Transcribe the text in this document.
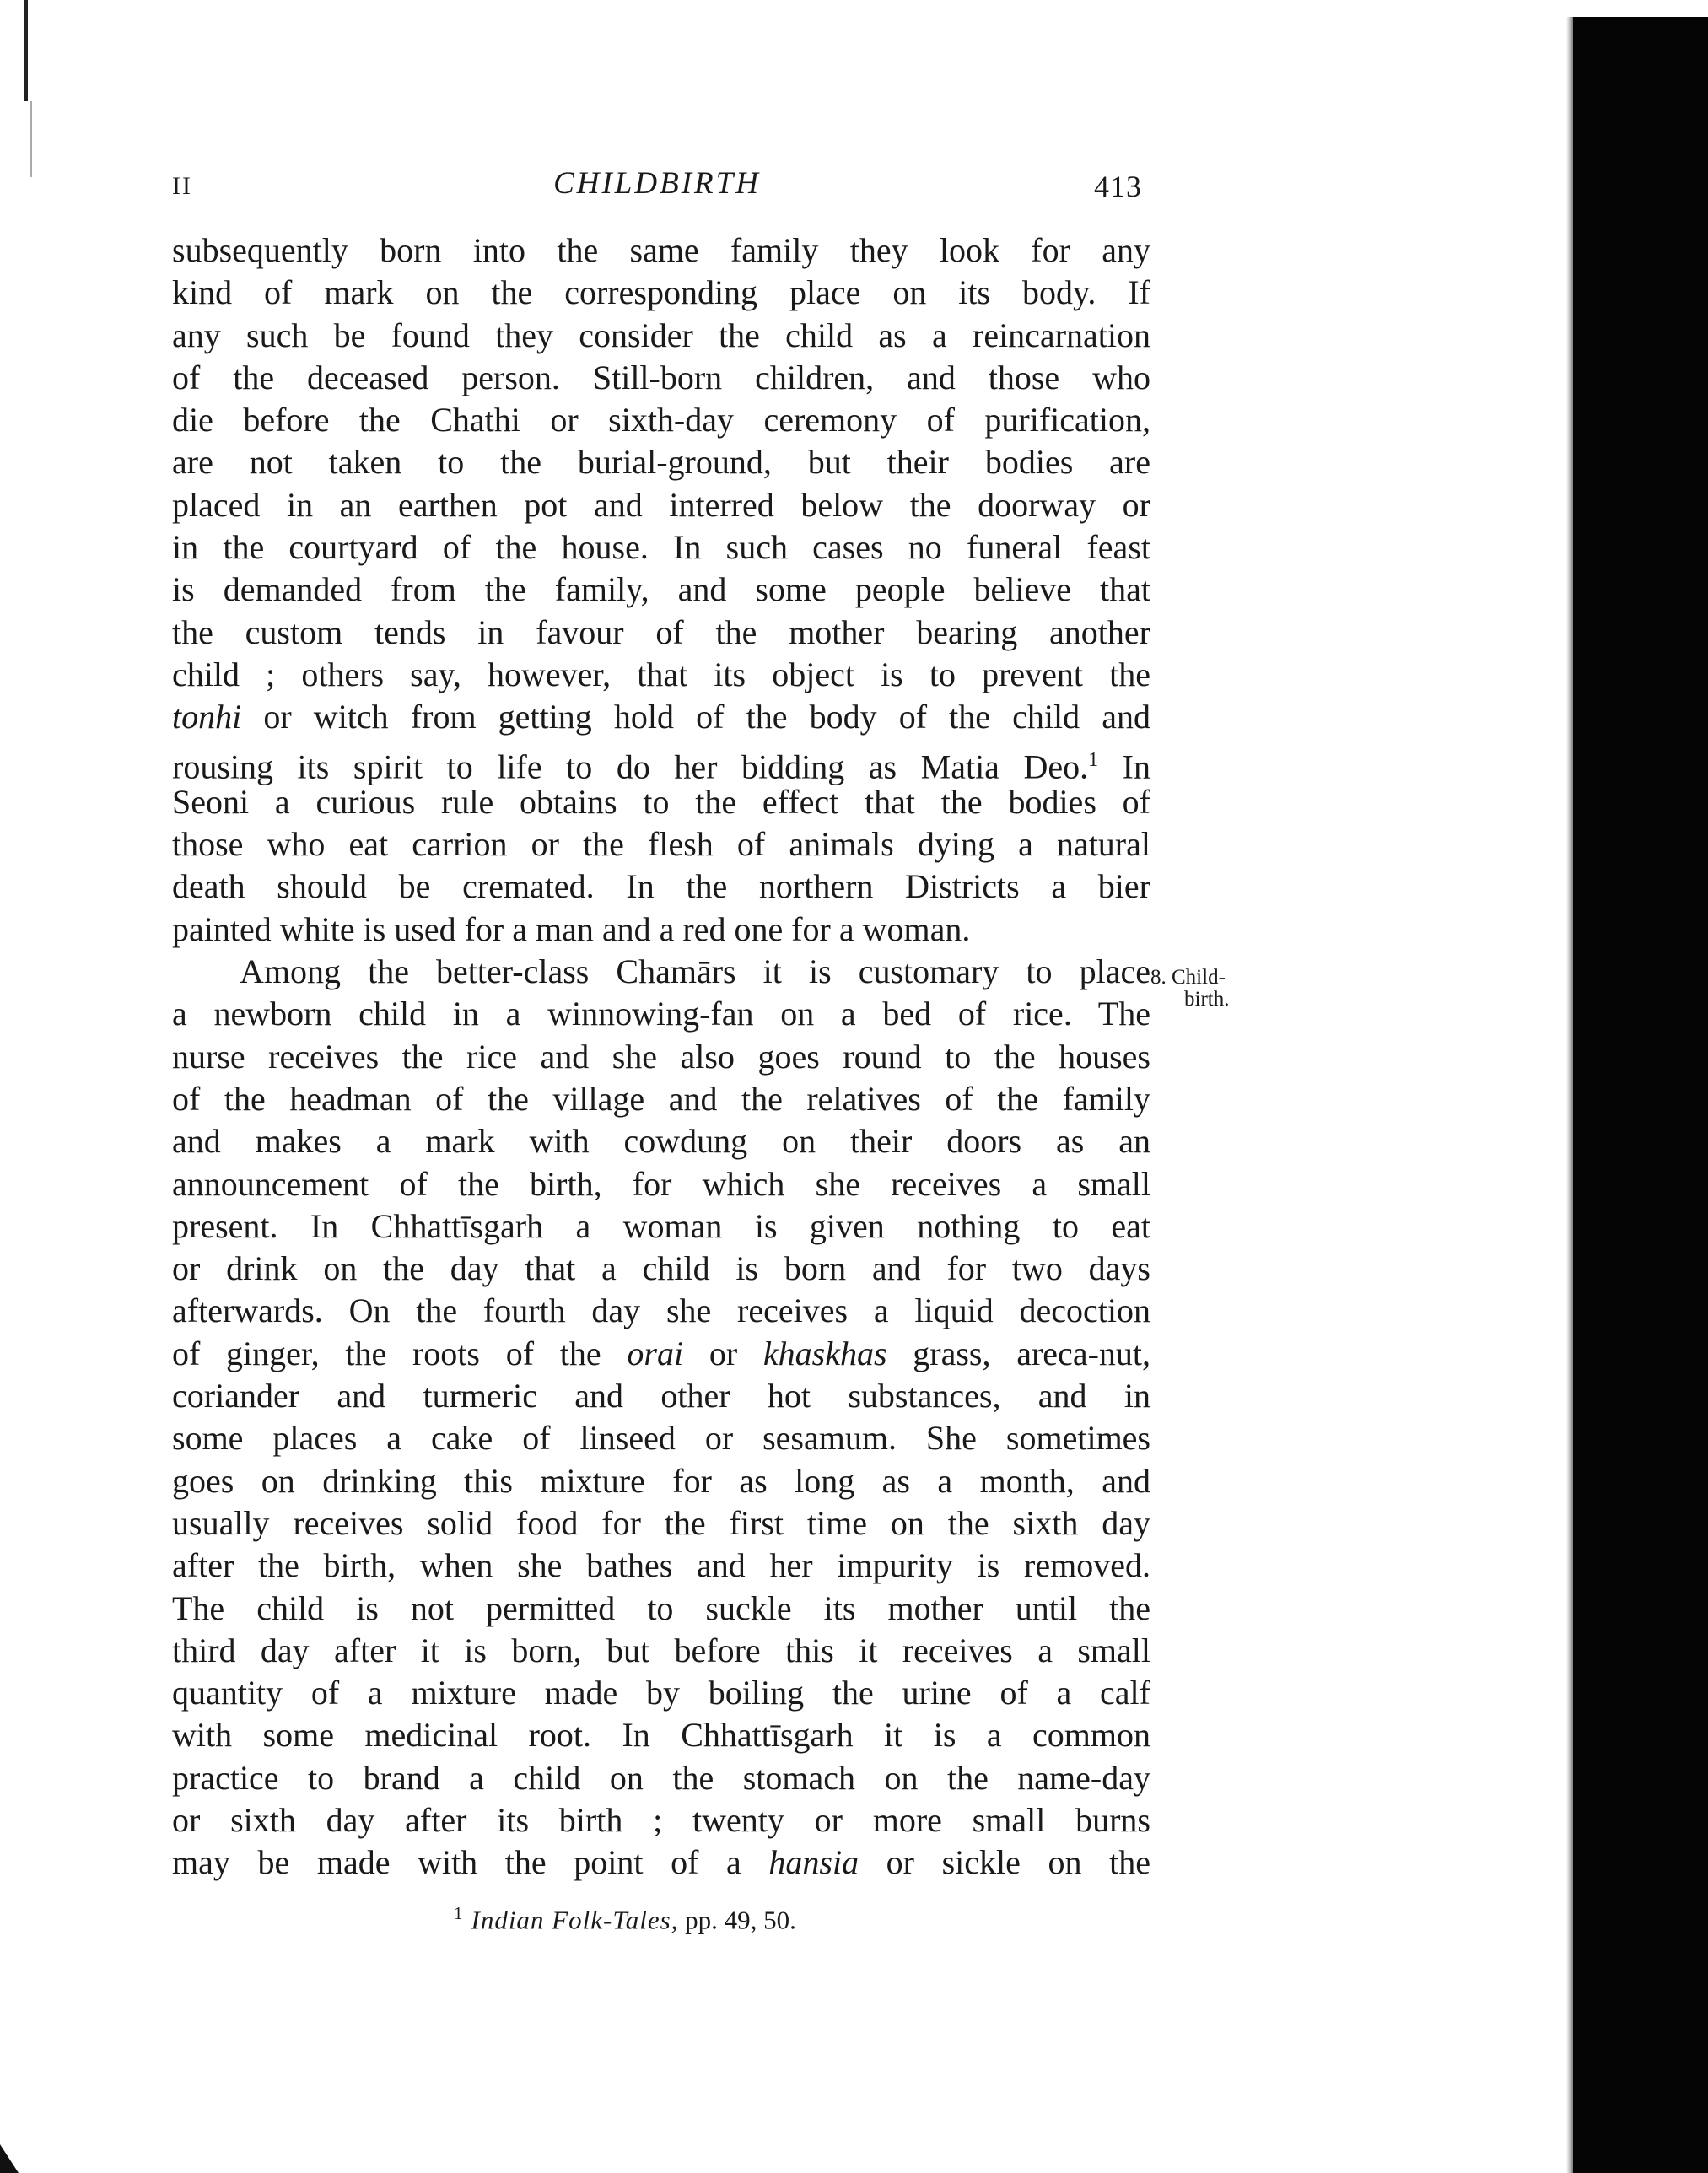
II	CHILDBIRTH	413
subsequently born into the same family they look for any
kind of mark on the corresponding place on its body. If
any such be found they consider the child as a reincarnation
of the deceased person. Still-born children, and those who
die before the Chathi or sixth-day ceremony of purification,
are not taken to the burial-ground, but their bodies are
placed in an earthen pot and interred below the doorway or
in the courtyard of the house. In such cases no funeral feast
is demanded from the family, and some people believe that
the custom tends in favour of the mother bearing another
child ; others say, however, that its object is to prevent the
tonhi or witch from getting hold of the body of the child and
rousing its spirit to life to do her bidding as Matia Deo.$^1$ In
Seoni a curious rule obtains to the effect that the bodies of
those who eat carrion or the flesh of animals dying a natural
death should be cremated. In the northern Districts a bier
painted white is used for a man and a red one for a woman.
Among the better-class Chamārs it is customary to place
a newborn child in a winnowing-fan on a bed of rice. The
nurse receives the rice and she also goes round to the houses
of the headman of the village and the relatives of the family
and makes a mark with cowdung on their doors as an
announcement of the birth, for which she receives a small
present. In Chhattīsgarh a woman is given nothing to eat
or drink on the day that a child is born and for two days
afterwards. On the fourth day she receives a liquid decoction
of ginger, the roots of the orai or khaskhas grass, areca-nut,
coriander and turmeric and other hot substances, and in
some places a cake of linseed or sesamum. She sometimes
goes on drinking this mixture for as long as a month, and
usually receives solid food for the first time on the sixth day
after the birth, when she bathes and her impurity is removed.
The child is not permitted to suckle its mother until the
third day after it is born, but before this it receives a small
quantity of a mixture made by boiling the urine of a calf
with some medicinal root. In Chhattīsgarh it is a common
practice to brand a child on the stomach on the name-day
or sixth day after its birth ; twenty or more small burns
may be made with the point of a hansia or sickle on the
8. Child-
birth.
$^1$ Indian Folk-Tales, pp. 49, 50.
